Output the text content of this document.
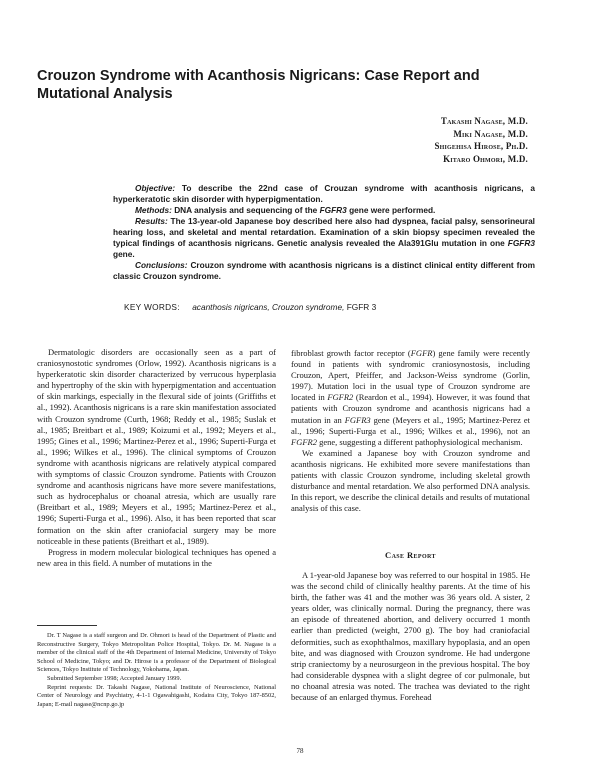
Crouzon Syndrome with Acanthosis Nigricans: Case Report and
Mutational Analysis
Takashi Nagase, M.D.
Miki Nagase, M.D.
Shigehisa Hirose, Ph.D.
Kitaro Ohmori, M.D.

Objective: To describe the 22nd case of Crouzan syndrome with acanthosis nigricans, a hyperkeratotic skin disorder with hyperpigmentation.

Methods: DNA analysis and sequencing of the FGFR3 gene were performed.

Results: The 13-year-old Japanese boy described here also had dyspnea, facial palsy, sensorineural hearing loss, and skeletal and mental retardation. Examination of a skin biopsy specimen revealed the typical findings of acanthosis nigricans. Genetic analysis revealed the Ala391Glu mutation in one FGFR3 gene.

Conclusions: Crouzon syndrome with acanthosis nigricans is a distinct clinical entity different from classic Crouzon syndrome.

KEY WORDS: acanthosis nigricans, Crouzon syndrome, FGFR 3

Dermatologic disorders are occasionally seen as a part of craniosynostotic syndromes (Orlow, 1992). Acanthosis nigricans is a hyperkeratotic skin disorder characterized by verrucous hyperplasia and hypertrophy of the skin with hyperpigmentation and accentuation of skin markings, especially in the flexural side of joints (Griffiths et al., 1992). Acanthosis nigricans is a rare skin manifestation associated with Crouzon syndrome (Curth, 1968; Reddy et al., 1985; Suslak et al., 1985; Breitbart et al., 1989; Koizumi et al., 1992; Meyers et al., 1995; Gines et al., 1996; Martinez-Perez et al., 1996; Superti-Furga et al., 1996; Wilkes et al., 1996). The clinical symptoms of Crouzon syndrome with acanthosis nigricans are relatively atypical compared with symptoms of classic Crouzon syndrome. Patients with Crouzon syndrome and acanthosis nigricans have more severe manifestations, such as hydrocephalus or choanal atresia, which are usually rare (Breitbart et al., 1989; Meyers et al., 1995; Martinez-Perez et al., 1996; Superti-Furga et al., 1996). Also, it has been reported that scar formation on the skin after craniofacial surgery may be more noticeable in these patients (Breithart et al., 1989).

Progress in modern molecular biological techniques has opened a new area in this field. A number of mutations in the

fibroblast growth factor receptor (FGFR) gene family were recently found in patients with syndromic craniosynostosis, including Crouzon, Apert, Pfeiffer, and Jackson-Weiss syndrome (Gorlin, 1997). Mutation loci in the usual type of Crouzon syndrome are located in FGFR2 (Reardon et al., 1994). However, it was found that patients with Crouzon syndrome and acanthosis nigricans had a mutation in an FGFR3 gene (Meyers et al., 1995; Martinez-Perez et al., 1996; Superti-Furga et al., 1996; Wilkes et al., 1996), not an FGFR2 gene, suggesting a different pathophysiological mechanism.

We examined a Japanese boy with Crouzon syndrome and acanthosis nigricans. He exhibited more severe manifestations than patients with classic Crouzon syndrome, including skeletal growth disturbance and mental retardation. We also performed DNA analysis. In this report, we describe the clinical details and results of mutational analysis of this case.

Case Report

A 1-year-old Japanese boy was referred to our hospital in 1985. He was the second child of clinically healthy parents. At the time of his birth, the father was 41 and the mother was 36 years old. A sister, 2 years older, was clinically normal. During the pregnancy, there was an episode of threatened abortion, and delivery occurred 1 month earlier than predicted (weight, 2700 g). The boy had craniofacial deformities, such as exophthalmos, maxillary hypoplasia, and an open bite, and was diagnosed with Crouzon syndrome. He had undergone strip craniectomy by a neurosurgeon in the previous hospital. The boy had considerable dyspnea with a slight degree of cor pulmonale, but no choanal atresia was noted. The trachea was deviated to the right because of an enlarged thymus. Forehead

Dr. T Nagase is a staff surgeon and Dr. Ohmori is head of the Department of Plastic and Reconstructive Surgery, Tokyo Metropolitan Police Hospital, Tokyo. Dr. M. Nagase is a member of the clinical staff of the 4th Department of Internal Medicine, University of Tokyo School of Medicine, Tokyo; and Dr. Hirose is a professor of the Department of Biological Sciences, Tokyo Institute of Technology, Yokohama, Japan.

Submitted September 1998; Accepted January 1999.

Reprint requests: Dr. Takashi Nagase, National Institute of Neuroscience, National Center of Neurology and Psychiatry, 4-1-1 Ogawahigashi, Kodaira City, Tokyo 187-8502, Japan; E-mail nagase@ncnp.go.jp

78
